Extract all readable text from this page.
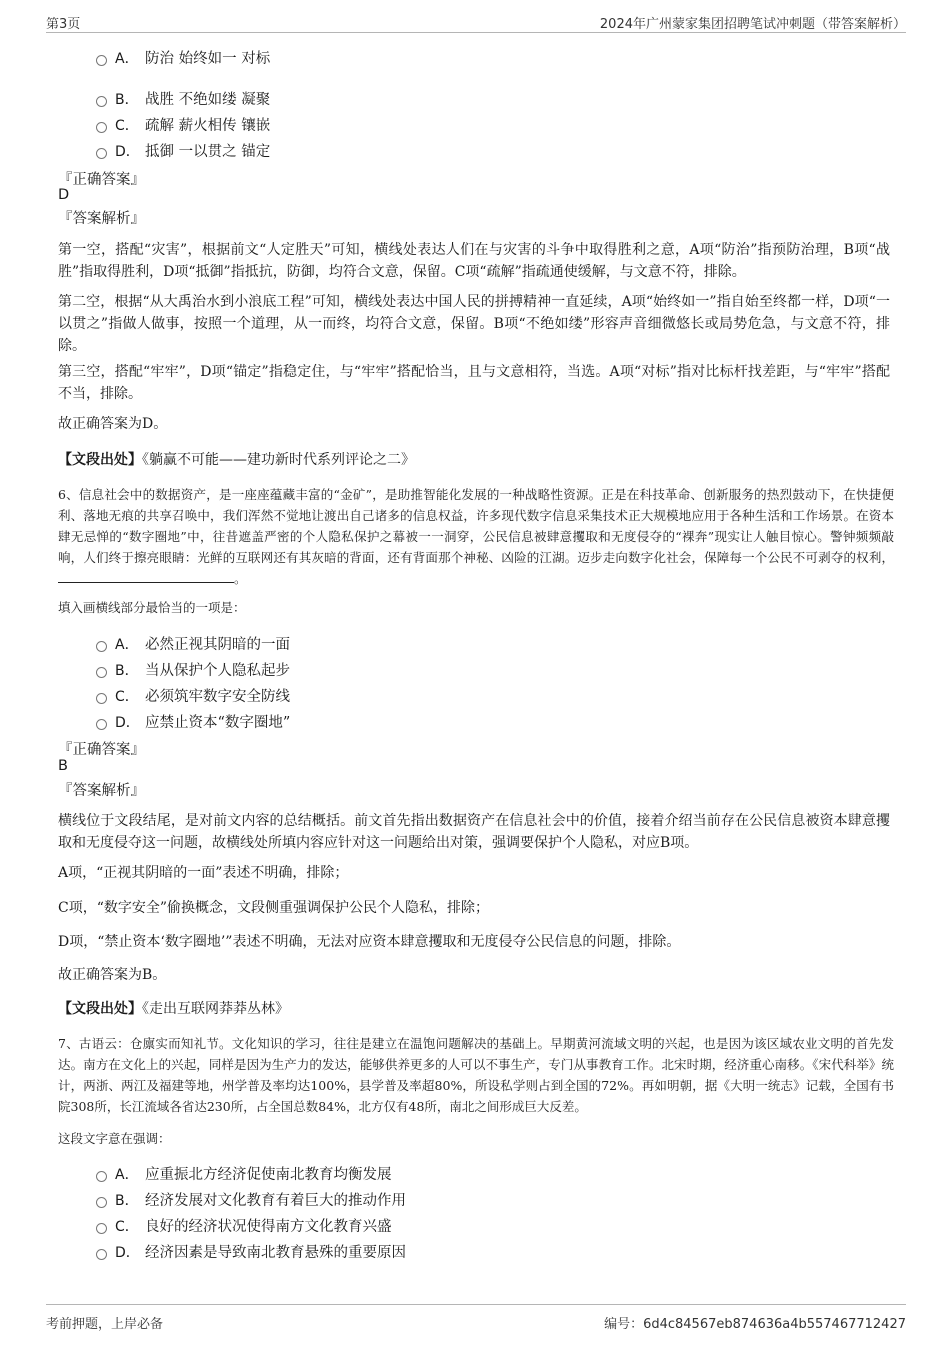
第3页	2024年广州蒙家集团招聘笔试冲刺题（带答案解析）
A． 防治 始终如一 对标
B． 战胜 不绝如缕 凝聚
C． 疏解 薪火相传 镶嵌
D． 抵御 一以贯之 锚定
『正确答案』
D
『答案解析』

第一空，搭配“灾害”，根据前文“人定胜天”可知，横线处表达人们在与灾害的斗争中取得胜利之意，A项“防治”指预防治理，B项“战胜”指取得胜利，D项“抵御”指抵抗，防御，均符合文意，保留。C项“疏解”指疏通使缓解，与文意不符，排除。

第二空，根据“从大禹治水到小浪底工程”可知，横线处表达中国人民的拼搏精神一直延续，A项“始终如一”指自始至终都一样，D项“一以贯之”指做人做事，按照一个道理，从一而终，均符合文意，保留。B项“不绝如缕”形容声音细微悠长或局势危急，与文意不符，排除。

第三空，搭配“牢牢”，D项“锚定”指稳定住，与“牢牢”搭配恰当，且与文意相符，当选。A项“对标”指对比标杆找差距，与“牢牢”搭配不当，排除。

故正确答案为D。

【文段出处】《躺赢不可能——建功新时代系列评论之二》

6、信息社会中的数据资产，是一座座蕴藏丰富的“金矿”，是助推智能化发展的一种战略性资源。正是在科技革命、创新服务的热烈鼓动下，在快捷便利、落地无痕的共享召唤中，我们浑然不觉地让渡出自己诸多的信息权益，许多现代数字信息采集技术正大规模地应用于各种生活和工作场景。在资本肆无忌惮的“数字圈地”中，往昔遮盖严密的个人隐私保护之幕被一一洞穿，公民信息被肆意攫取和无度侵夺的“裸奔”现实让人触目惊心。警钟频频敲响，人们终于擦亮眼睛：光鲜的互联网还有其灰暗的背面，还有背面那个神秘、凶险的江湖。迈步走向数字化社会，保障每一个公民不可剥夺的权利，。

填入画横线部分最恰当的一项是：
A． 必然正视其阴暗的一面
B． 当从保护个人隐私起步
C． 必须筑牢数字安全防线
D． 应禁止资本“数字圈地”
『正确答案』
B
『答案解析』

横线位于文段结尾，是对前文内容的总结概括。前文首先指出数据资产在信息社会中的价值，接着介绍当前存在公民信息被资本肆意攫取和无度侵夺这一问题，故横线处所填内容应针对这一问题给出对策，强调要保护个人隐私，对应B项。

A项，“正视其阴暗的一面”表述不明确，排除；

C项，“数字安全”偷换概念，文段侧重强调保护公民个人隐私，排除；

D项，“禁止资本‘数字圈地’”表述不明确，无法对应资本肆意攫取和无度侵夺公民信息的问题，排除。

故正确答案为B。

【文段出处】《走出互联网莽莽丛林》

7、古语云：仓廪实而知礼节。文化知识的学习，往往是建立在温饱问题解决的基础上。早期黄河流域文明的兴起，也是因为该区域农业文明的首先发达。南方在文化上的兴起，同样是因为生产力的发达，能够供养更多的人可以不事生产，专门从事教育工作。北宋时期，经济重心南移。《宋代科举》统计，两浙、两江及福建等地，州学普及率均达100%，县学普及率超80%，所设私学则占到全国的72%。再如明朝，据《大明一统志》记载，全国有书院308所，长江流域各省达230所，占全国总数84%，北方仅有48所，南北之间形成巨大反差。

这段文字意在强调：
A． 应重振北方经济促使南北教育均衡发展
B． 经济发展对文化教育有着巨大的推动作用
C． 良好的经济状况使得南方文化教育兴盛
D． 经济因素是导致南北教育悬殊的重要原因
考前押题，上岸必备	编号：6d4c84567eb874636a4b557467712427
